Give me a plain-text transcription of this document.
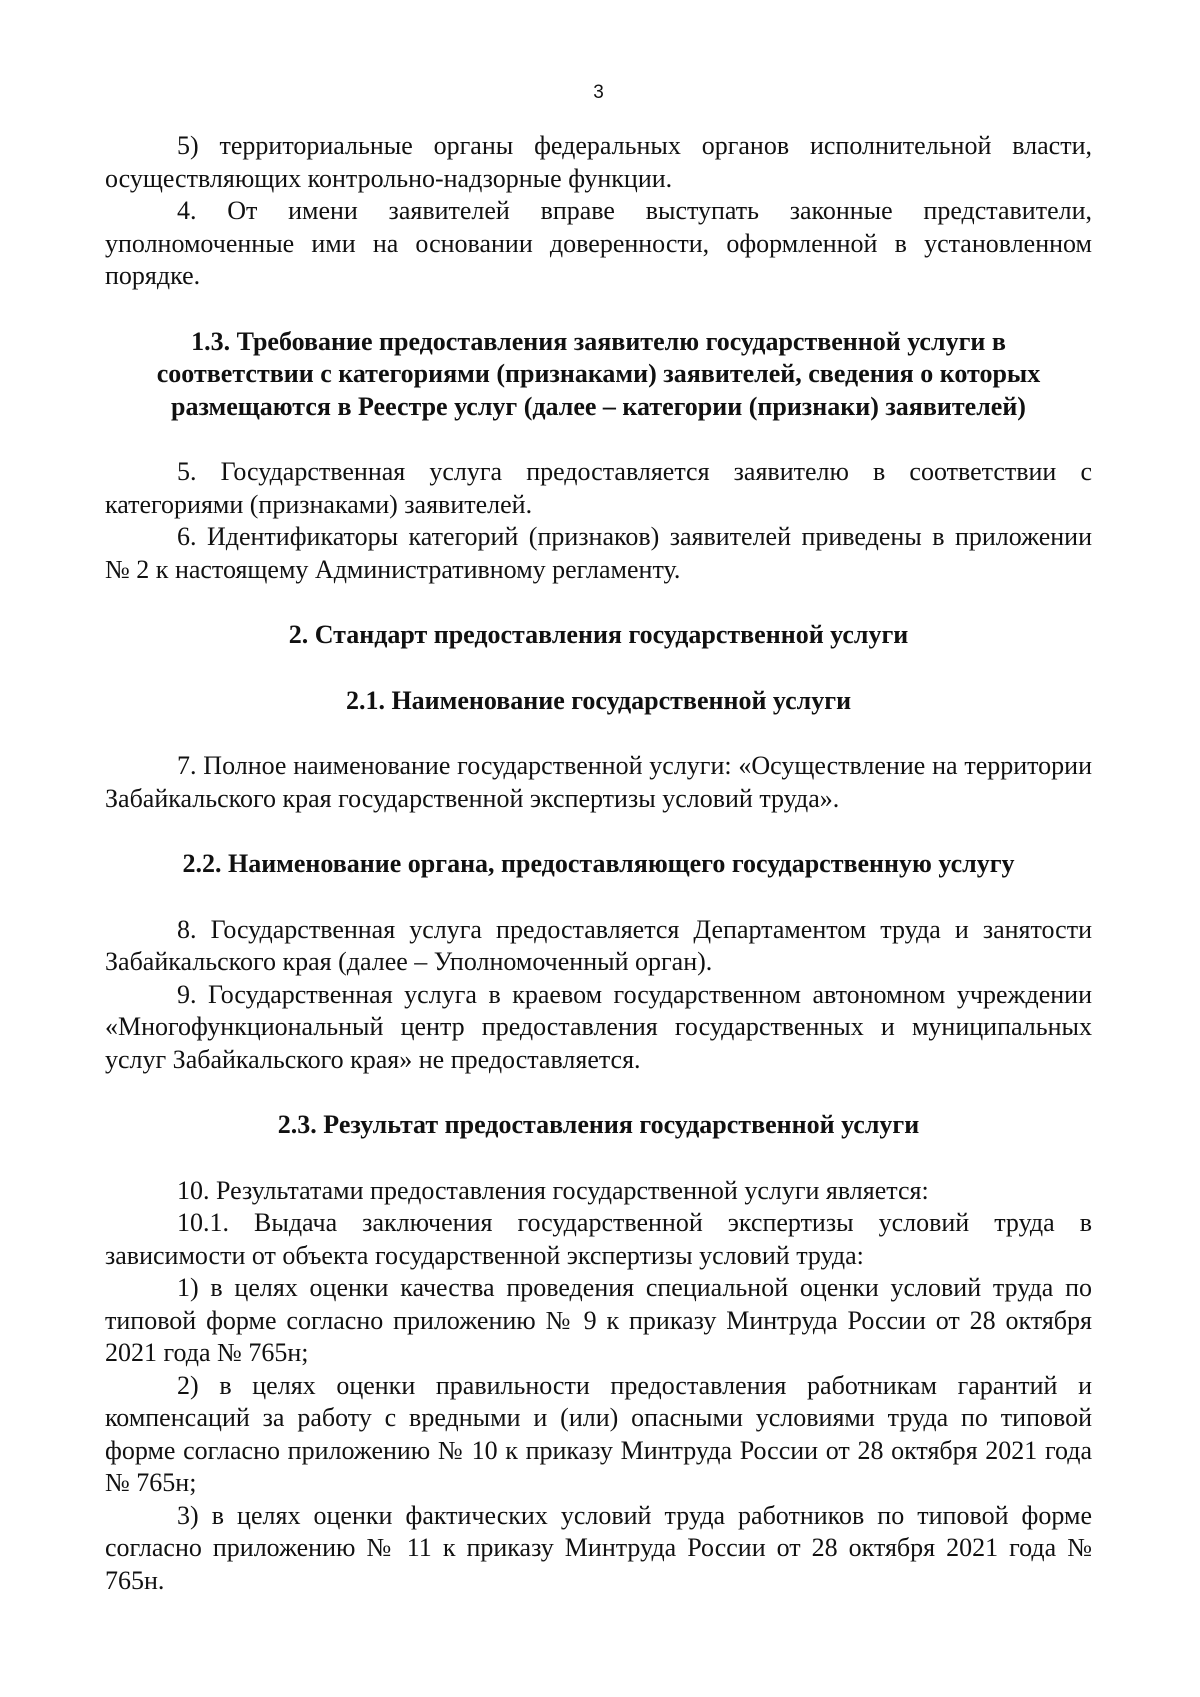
3

5) территориальные органы федеральных органов исполнительной власти, осуществляющих контрольно-надзорные функции.

4. От имени заявителей вправе выступать законные представители, уполномоченные ими на основании доверенности, оформленной в установленном порядке.

1.3. Требование предоставления заявителю государственной услуги в

соответствии с категориями (признаками) заявителей, сведения о которых

размещаются в Реестре услуг (далее – категории (признаки) заявителей)

5. Государственная услуга предоставляется заявителю в соответствии с категориями (признаками) заявителей.

6. Идентификаторы категорий (признаков) заявителей приведены в приложении № 2 к настоящему Административному регламенту.

2. Стандарт предоставления государственной услуги

2.1. Наименование государственной услуги

7. Полное наименование государственной услуги: «Осуществление на территории Забайкальского края государственной экспертизы условий труда».

2.2. Наименование органа, предоставляющего государственную услугу

8. Государственная услуга предоставляется Департаментом труда и занятости Забайкальского края (далее – Уполномоченный орган).

9. Государственная услуга в краевом государственном автономном учреждении «Многофункциональный центр предоставления государственных и муниципальных услуг Забайкальского края» не предоставляется.

2.3. Результат предоставления государственной услуги

10. Результатами предоставления государственной услуги является:

10.1. Выдача заключения государственной экспертизы условий труда в зависимости от объекта государственной экспертизы условий труда:

1) в целях оценки качества проведения специальной оценки условий труда по типовой форме согласно приложению № 9 к приказу Минтруда России от 28 октября 2021 года № 765н;

2) в целях оценки правильности предоставления работникам гарантий и компенсаций за работу с вредными и (или) опасными условиями труда по типовой форме согласно приложению № 10 к приказу Минтруда России от 28 октября 2021 года № 765н;

3) в целях оценки фактических условий труда работников по типовой форме согласно приложению № 11 к приказу Минтруда России от 28 октября 2021 года № 765н.
